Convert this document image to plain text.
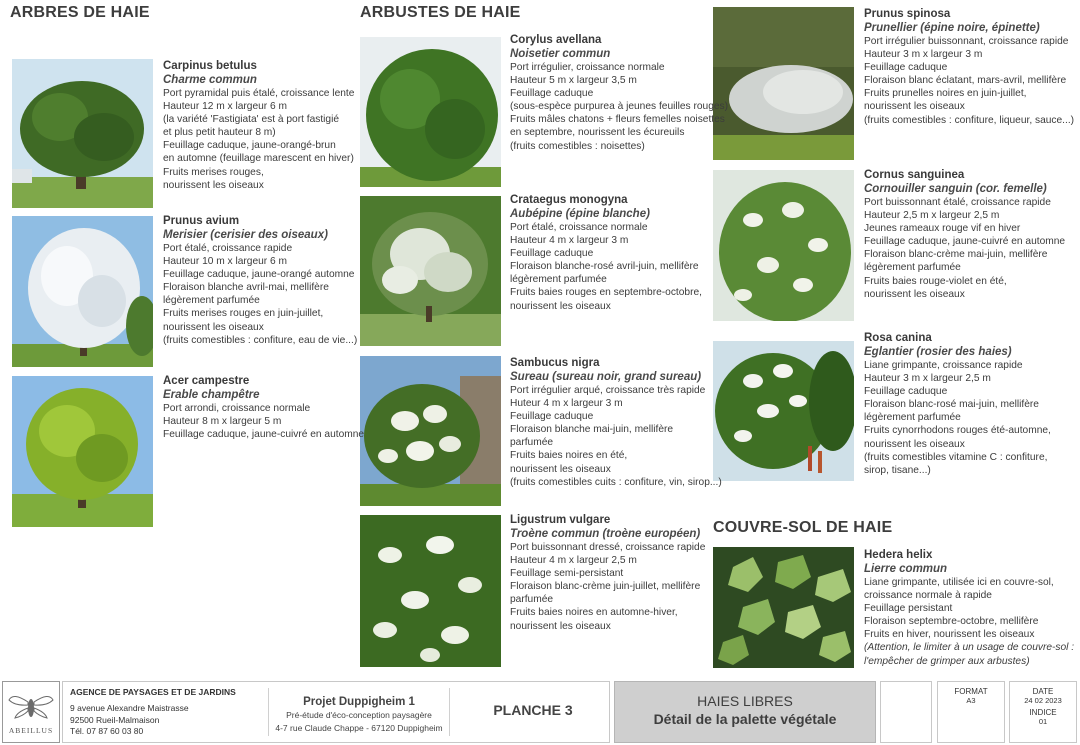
ARBRES DE HAIE	ARBUSTES DE HAIE
COUVRE-SOL DE HAIE
Carpinus betulus
Charme commun
Port pyramidal puis étalé, croissance lente
Hauteur 12 m x largeur 6 m
(la variété 'Fastigiata' est à port fastigié
et plus petit hauteur 8 m)
Feuillage caduque, jaune-orangé-brun
en automne (feuillage marescent en hiver)
Fruits merises rouges,
nourissent les oiseaux
Prunus avium
Merisier (cerisier des oiseaux)
Port étalé, croissance rapide
Hauteur 10 m x largeur 6 m
Feuillage caduque, jaune-orangé automne
Floraison blanche avril-mai, mellifère
légèrement parfumée
Fruits merises rouges en juin-juillet,
nourissent les oiseaux
(fruits comestibles : confiture, eau de vie...)
Acer campestre
Erable champêtre
Port arrondi, croissance normale
Hauteur 8 m x largeur 5 m
Feuillage caduque, jaune-cuivré en automne
Corylus avellana
Noisetier commun
Port irrégulier, croissance normale
Hauteur 5 m x largeur 3,5 m
Feuillage caduque
(sous-espèce purpurea à jeunes feuilles rouges)
Fruits mâles chatons + fleurs femelles noisettes
en septembre, nourissent les écureuils
(fruits comestibles : noisettes)
Crataegus monogyna
Aubépine (épine blanche)
Port étalé, croissance normale
Hauteur 4 m x largeur 3 m
Feuillage caduque
Floraison blanche-rosé avril-juin, mellifère
légèrement parfumée
Fruits baies rouges en septembre-octobre,
nourissent les oiseaux
Sambucus nigra
Sureau (sureau noir, grand sureau)
Port irrégulier arqué, croissance très rapide
Huteur 4 m x largeur 3 m
Feuillage caduque
Floraison blanche mai-juin, mellifère
parfumée
Fruits baies noires en été,
nourissent les oiseaux
(fruits comestibles cuits : confiture, vin, sirop...)
Ligustrum vulgare
Troène commun (troène européen)
Port buissonnant dressé, croissance rapide
Hauteur 4 m x largeur 2,5 m
Feuillage semi-persistant
Floraison blanc-crème juin-juillet, mellifère
parfumée
Fruits baies noires en automne-hiver,
nourissent les oiseaux
Prunus spinosa
Prunellier (épine noire, épinette)
Port irrégulier buissonnant, croissance rapide
Hauteur 3 m x largeur 3 m
Feuillage caduque
Floraison blanc éclatant, mars-avril, mellifère
Fruits prunelles noires en juin-juillet,
nourissent les oiseaux
(fruits comestibles : confiture, liqueur, sauce...)
Cornus sanguinea
Cornouiller sanguin (cor. femelle)
Port buissonnant étalé, croissance rapide
Hauteur 2,5 m x largeur 2,5 m
Jeunes rameaux rouge vif en hiver
Feuillage caduque, jaune-cuivré en automne
Floraison blanc-crème mai-juin, mellifère
légèrement parfumée
Fruits baies rouge-violet en été,
nourissent les oiseaux
Rosa canina
Eglantier (rosier des haies)
Liane grimpante, croissance rapide
Hauteur 3 m x largeur 2,5 m
Feuillage caduque
Floraison blanc-rosé mai-juin, mellifère
légèrement parfumée
Fruits cynorrhodons rouges été-automne,
nourissent les oiseaux
(fruits comestibles vitamine C : confiture,
sirop, tisane...)
Hedera helix
Lierre commun
Liane grimpante, utilisée ici en couvre-sol,
croissance normale à rapide
Feuillage persistant
Floraison septembre-octobre, mellifère
Fruits en hiver, nourissent les oiseaux
(Attention, le limiter à un usage de couvre-sol :
l'empêcher de grimper aux arbustes)
ABEILLUS
AGENCE DE PAYSAGES ET DE JARDINS
9 avenue Alexandre Maistrasse
92500 Rueil-Malmaison
Tél. 07 87 60 03 80
Projet Duppigheim 1
Pré-étude d'éco-conception paysagère
4-7 rue Claude Chappe - 67120 Duppigheim
PLANCHE 3
HAIES LIBRES
Détail de la palette végétale
FORMAT
A3
DATE
24 02 2023
INDICE
01
